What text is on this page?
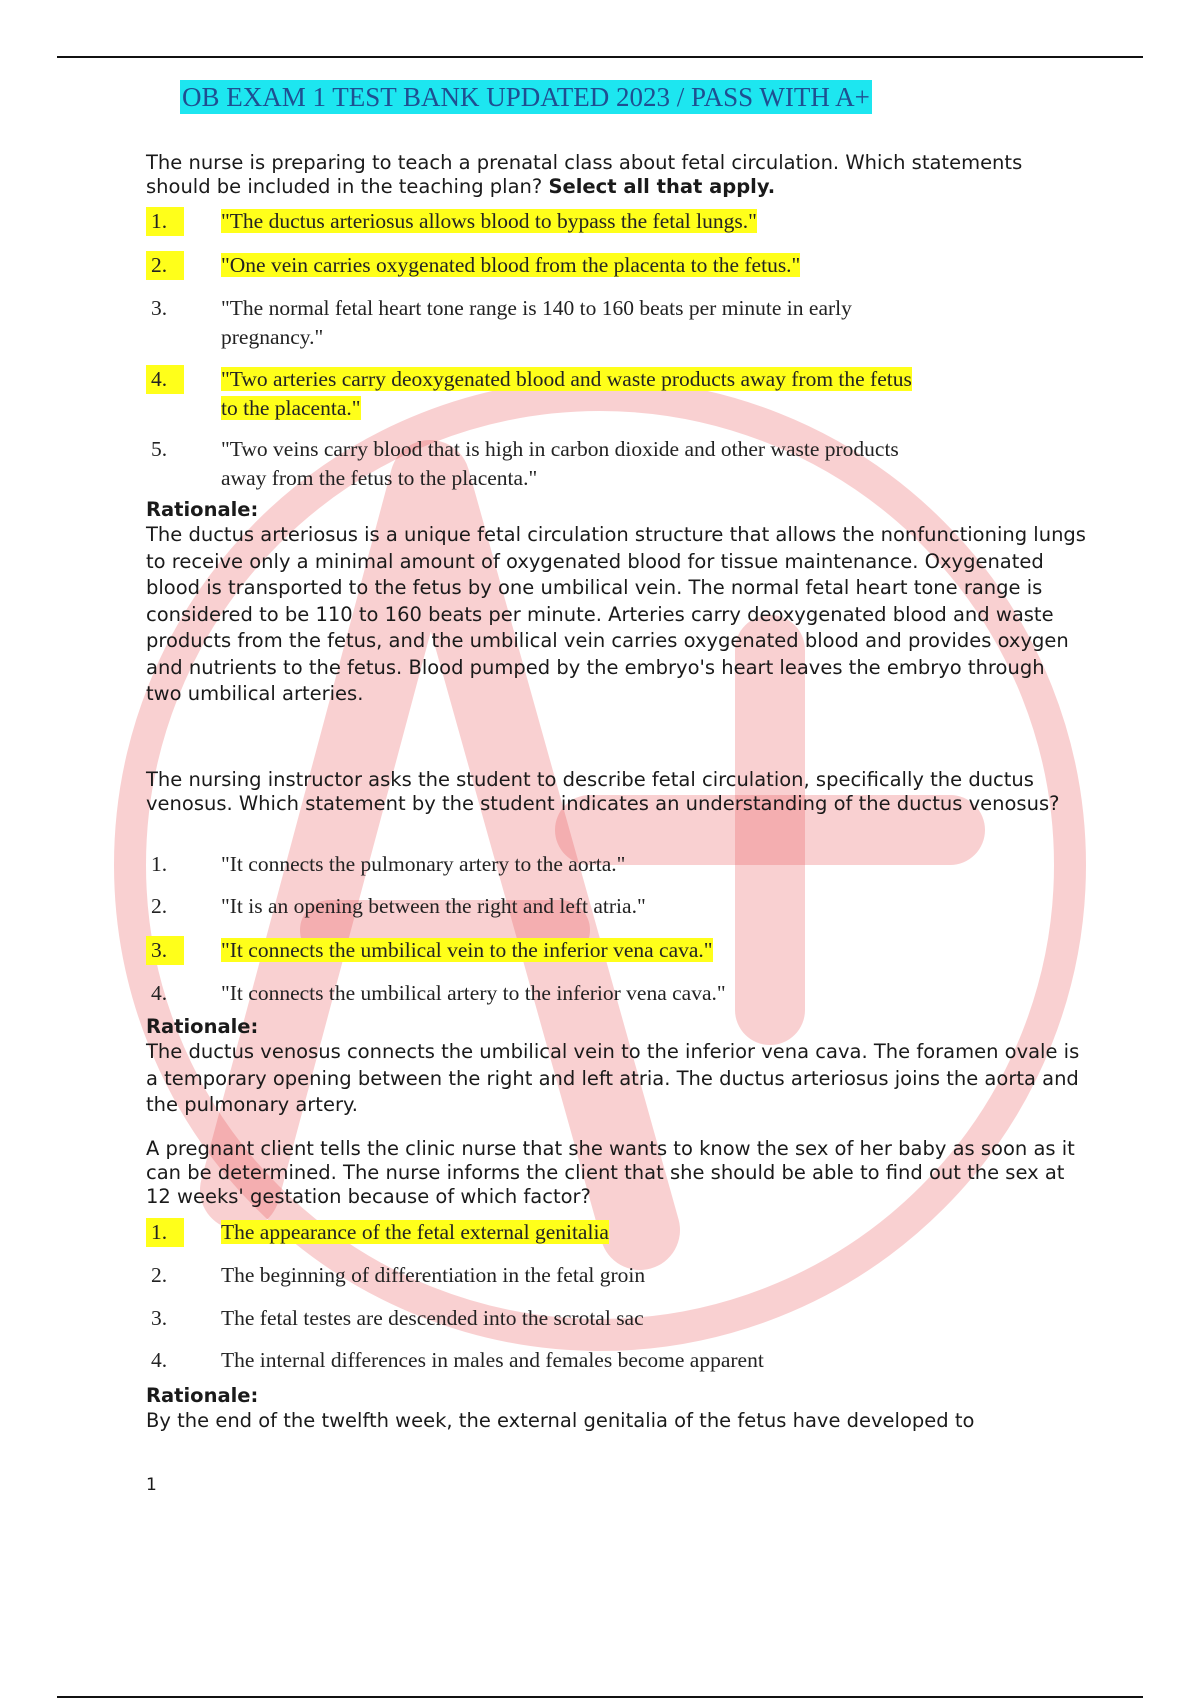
OB EXAM 1 TEST BANK UPDATED 2023 / PASS WITH A+
The nurse is preparing to teach a prenatal class about fetal circulation. Which statements should be included in the teaching plan? Select all that apply.
1.	"The ductus arteriosus allows blood to bypass the fetal lungs."
2.	"One vein carries oxygenated blood from the placenta to the fetus."
3.	"The normal fetal heart tone range is 140 to 160 beats per minute in early pregnancy."
4.	"Two arteries carry deoxygenated blood and waste products away from the fetus to the placenta."
5.	"Two veins carry blood that is high in carbon dioxide and other waste products away from the fetus to the placenta."
Rationale:
The ductus arteriosus is a unique fetal circulation structure that allows the nonfunctioning lungs to receive only a minimal amount of oxygenated blood for tissue maintenance. Oxygenated blood is transported to the fetus by one umbilical vein. The normal fetal heart tone range is considered to be 110 to 160 beats per minute. Arteries carry deoxygenated blood and waste products from the fetus, and the umbilical vein carries oxygenated blood and provides oxygen and nutrients to the fetus. Blood pumped by the embryo's heart leaves the embryo through two umbilical arteries.
The nursing instructor asks the student to describe fetal circulation, specifically the ductus venosus. Which statement by the student indicates an understanding of the ductus venosus?
1.	"It connects the pulmonary artery to the aorta."
2.	"It is an opening between the right and left atria."
3.	"It connects the umbilical vein to the inferior vena cava."
4.	"It connects the umbilical artery to the inferior vena cava."
Rationale:
The ductus venosus connects the umbilical vein to the inferior vena cava. The foramen ovale is a temporary opening between the right and left atria. The ductus arteriosus joins the aorta and the pulmonary artery.
A pregnant client tells the clinic nurse that she wants to know the sex of her baby as soon as it can be determined. The nurse informs the client that she should be able to find out the sex at 12 weeks' gestation because of which factor?
1.	The appearance of the fetal external genitalia
2.	The beginning of differentiation in the fetal groin
3.	The fetal testes are descended into the scrotal sac
4.	The internal differences in males and females become apparent
Rationale:
By the end of the twelfth week, the external genitalia of the fetus have developed to
1
